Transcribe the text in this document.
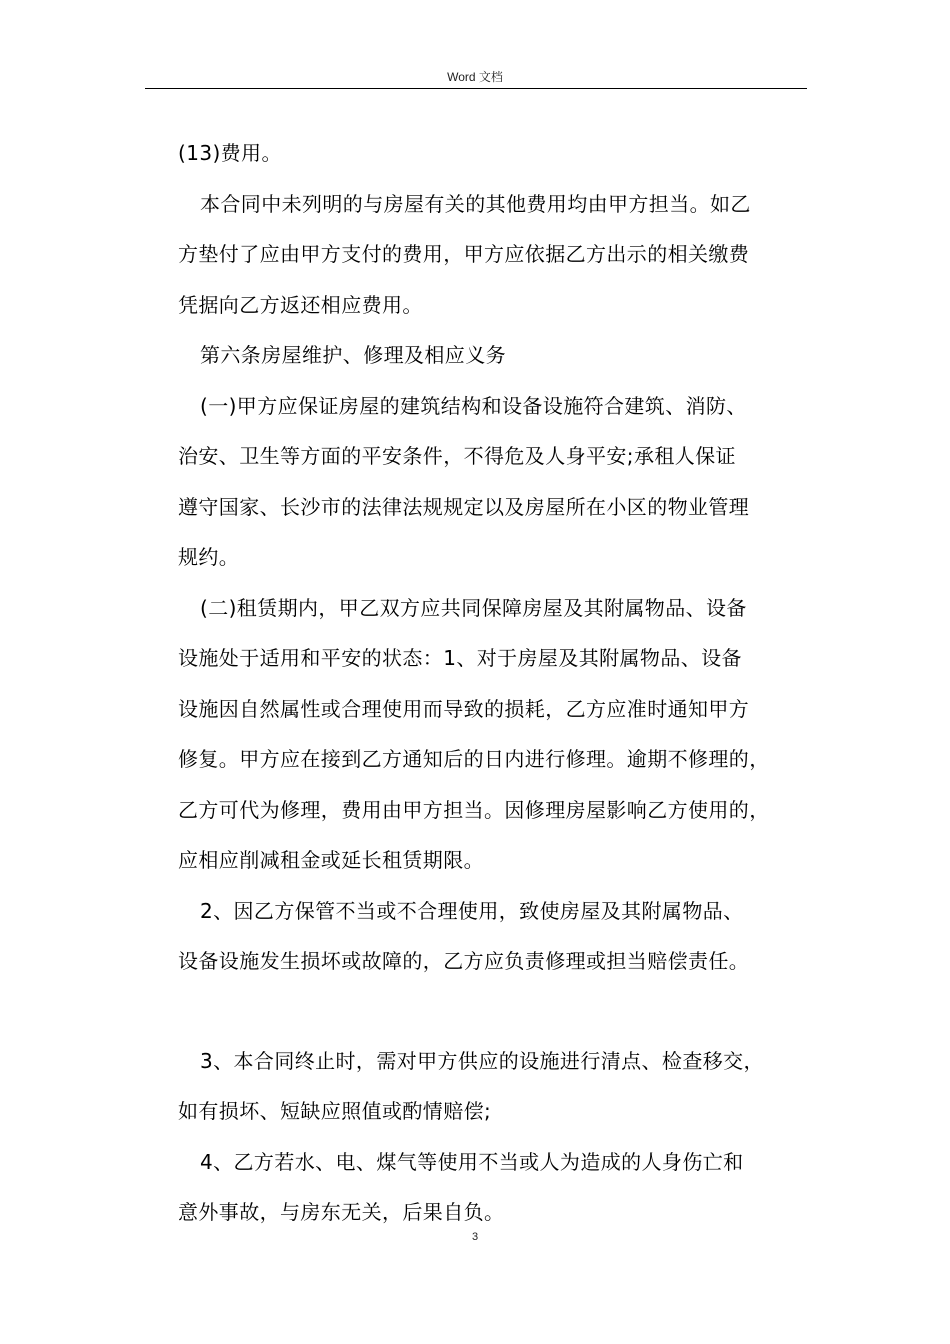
Word 文档
(13)费用。
本合同中未列明的与房屋有关的其他费用均由甲方担当。如乙
方垫付了应由甲方支付的费用，甲方应依据乙方出示的相关缴费
凭据向乙方返还相应费用。
第六条房屋维护、修理及相应义务
(一)甲方应保证房屋的建筑结构和设备设施符合建筑、消防、
治安、卫生等方面的平安条件，不得危及人身平安;承租人保证
遵守国家、长沙市的法律法规规定以及房屋所在小区的物业管理
规约。
(二)租赁期内，甲乙双方应共同保障房屋及其附属物品、设备
设施处于适用和平安的状态：1、对于房屋及其附属物品、设备
设施因自然属性或合理使用而导致的损耗，乙方应准时通知甲方
修复。甲方应在接到乙方通知后的日内进行修理。逾期不修理的，
乙方可代为修理，费用由甲方担当。因修理房屋影响乙方使用的，
应相应削减租金或延长租赁期限。
2、因乙方保管不当或不合理使用，致使房屋及其附属物品、
设备设施发生损坏或故障的，乙方应负责修理或担当赔偿责任。
3、本合同终止时，需对甲方供应的设施进行清点、检查移交，
如有损坏、短缺应照值或酌情赔偿;
4、乙方若水、电、煤气等使用不当或人为造成的人身伤亡和
意外事故，与房东无关，后果自负。
3
